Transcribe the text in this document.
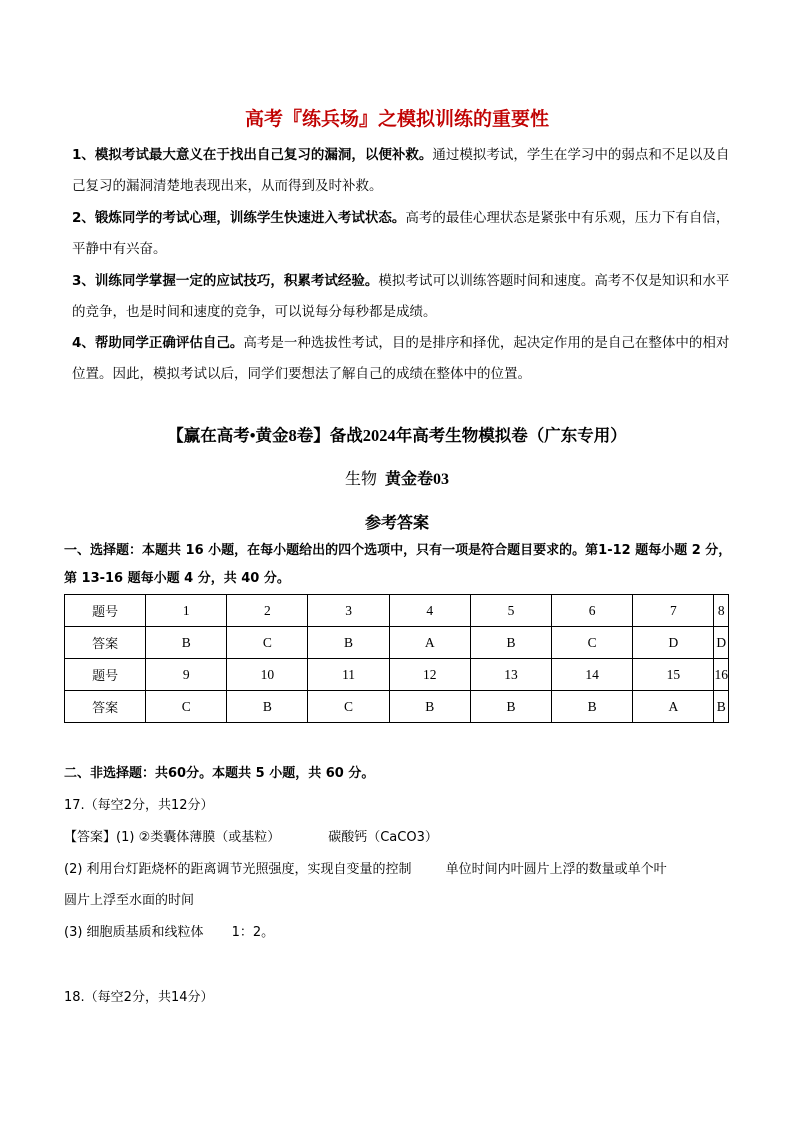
高考『练兵场』之模拟训练的重要性

1、模拟考试最大意义在于找出自己复习的漏洞，以便补救。通过模拟考试，学生在学习中的弱点和不足以及自己复习的漏洞清楚地表现出来，从而得到及时补救。

2、锻炼同学的考试心理，训练学生快速进入考试状态。高考的最佳心理状态是紧张中有乐观，压力下有自信，平静中有兴奋。

3、训练同学掌握一定的应试技巧，积累考试经验。模拟考试可以训练答题时间和速度。高考不仅是知识和水平的竞争，也是时间和速度的竞争，可以说每分每秒都是成绩。

4、帮助同学正确评估自己。高考是一种选拔性考试，目的是排序和择优，起决定作用的是自己在整体中的相对位置。因此，模拟考试以后，同学们要想法了解自己的成绩在整体中的位置。

【赢在高考•黄金8卷】备战2024年高考生物模拟卷（广东专用）
生物 黄金卷03
参考答案
一、选择题：本题共 16 小题，在每小题给出的四个选项中，只有一项是符合题目要求的。第1-12 题每小题 2 分，第 13-16 题每小题 4 分，共 40 分。
题号	1	2	3	4	5	6	7	8
答案	B	C	B	A	B	C	D	D
题号	9	10	11	12	13	14	15	16
答案	C	B	C	B	B	B	A	B
二、非选择题：共60分。本题共 5 小题，共 60 分。
17.（每空2分，共12分）
【答案】(1) ②类囊体薄膜（或基粒）	碳酸钙（CaCO3）
(2) 利用台灯距烧杯的距离调节光照强度，实现自变量的控制	单位时间内叶圆片上浮的数量或单个叶
圆片上浮至水面的时间
(3) 细胞质基质和线粒体 1：2。
18.（每空2分，共14分）
